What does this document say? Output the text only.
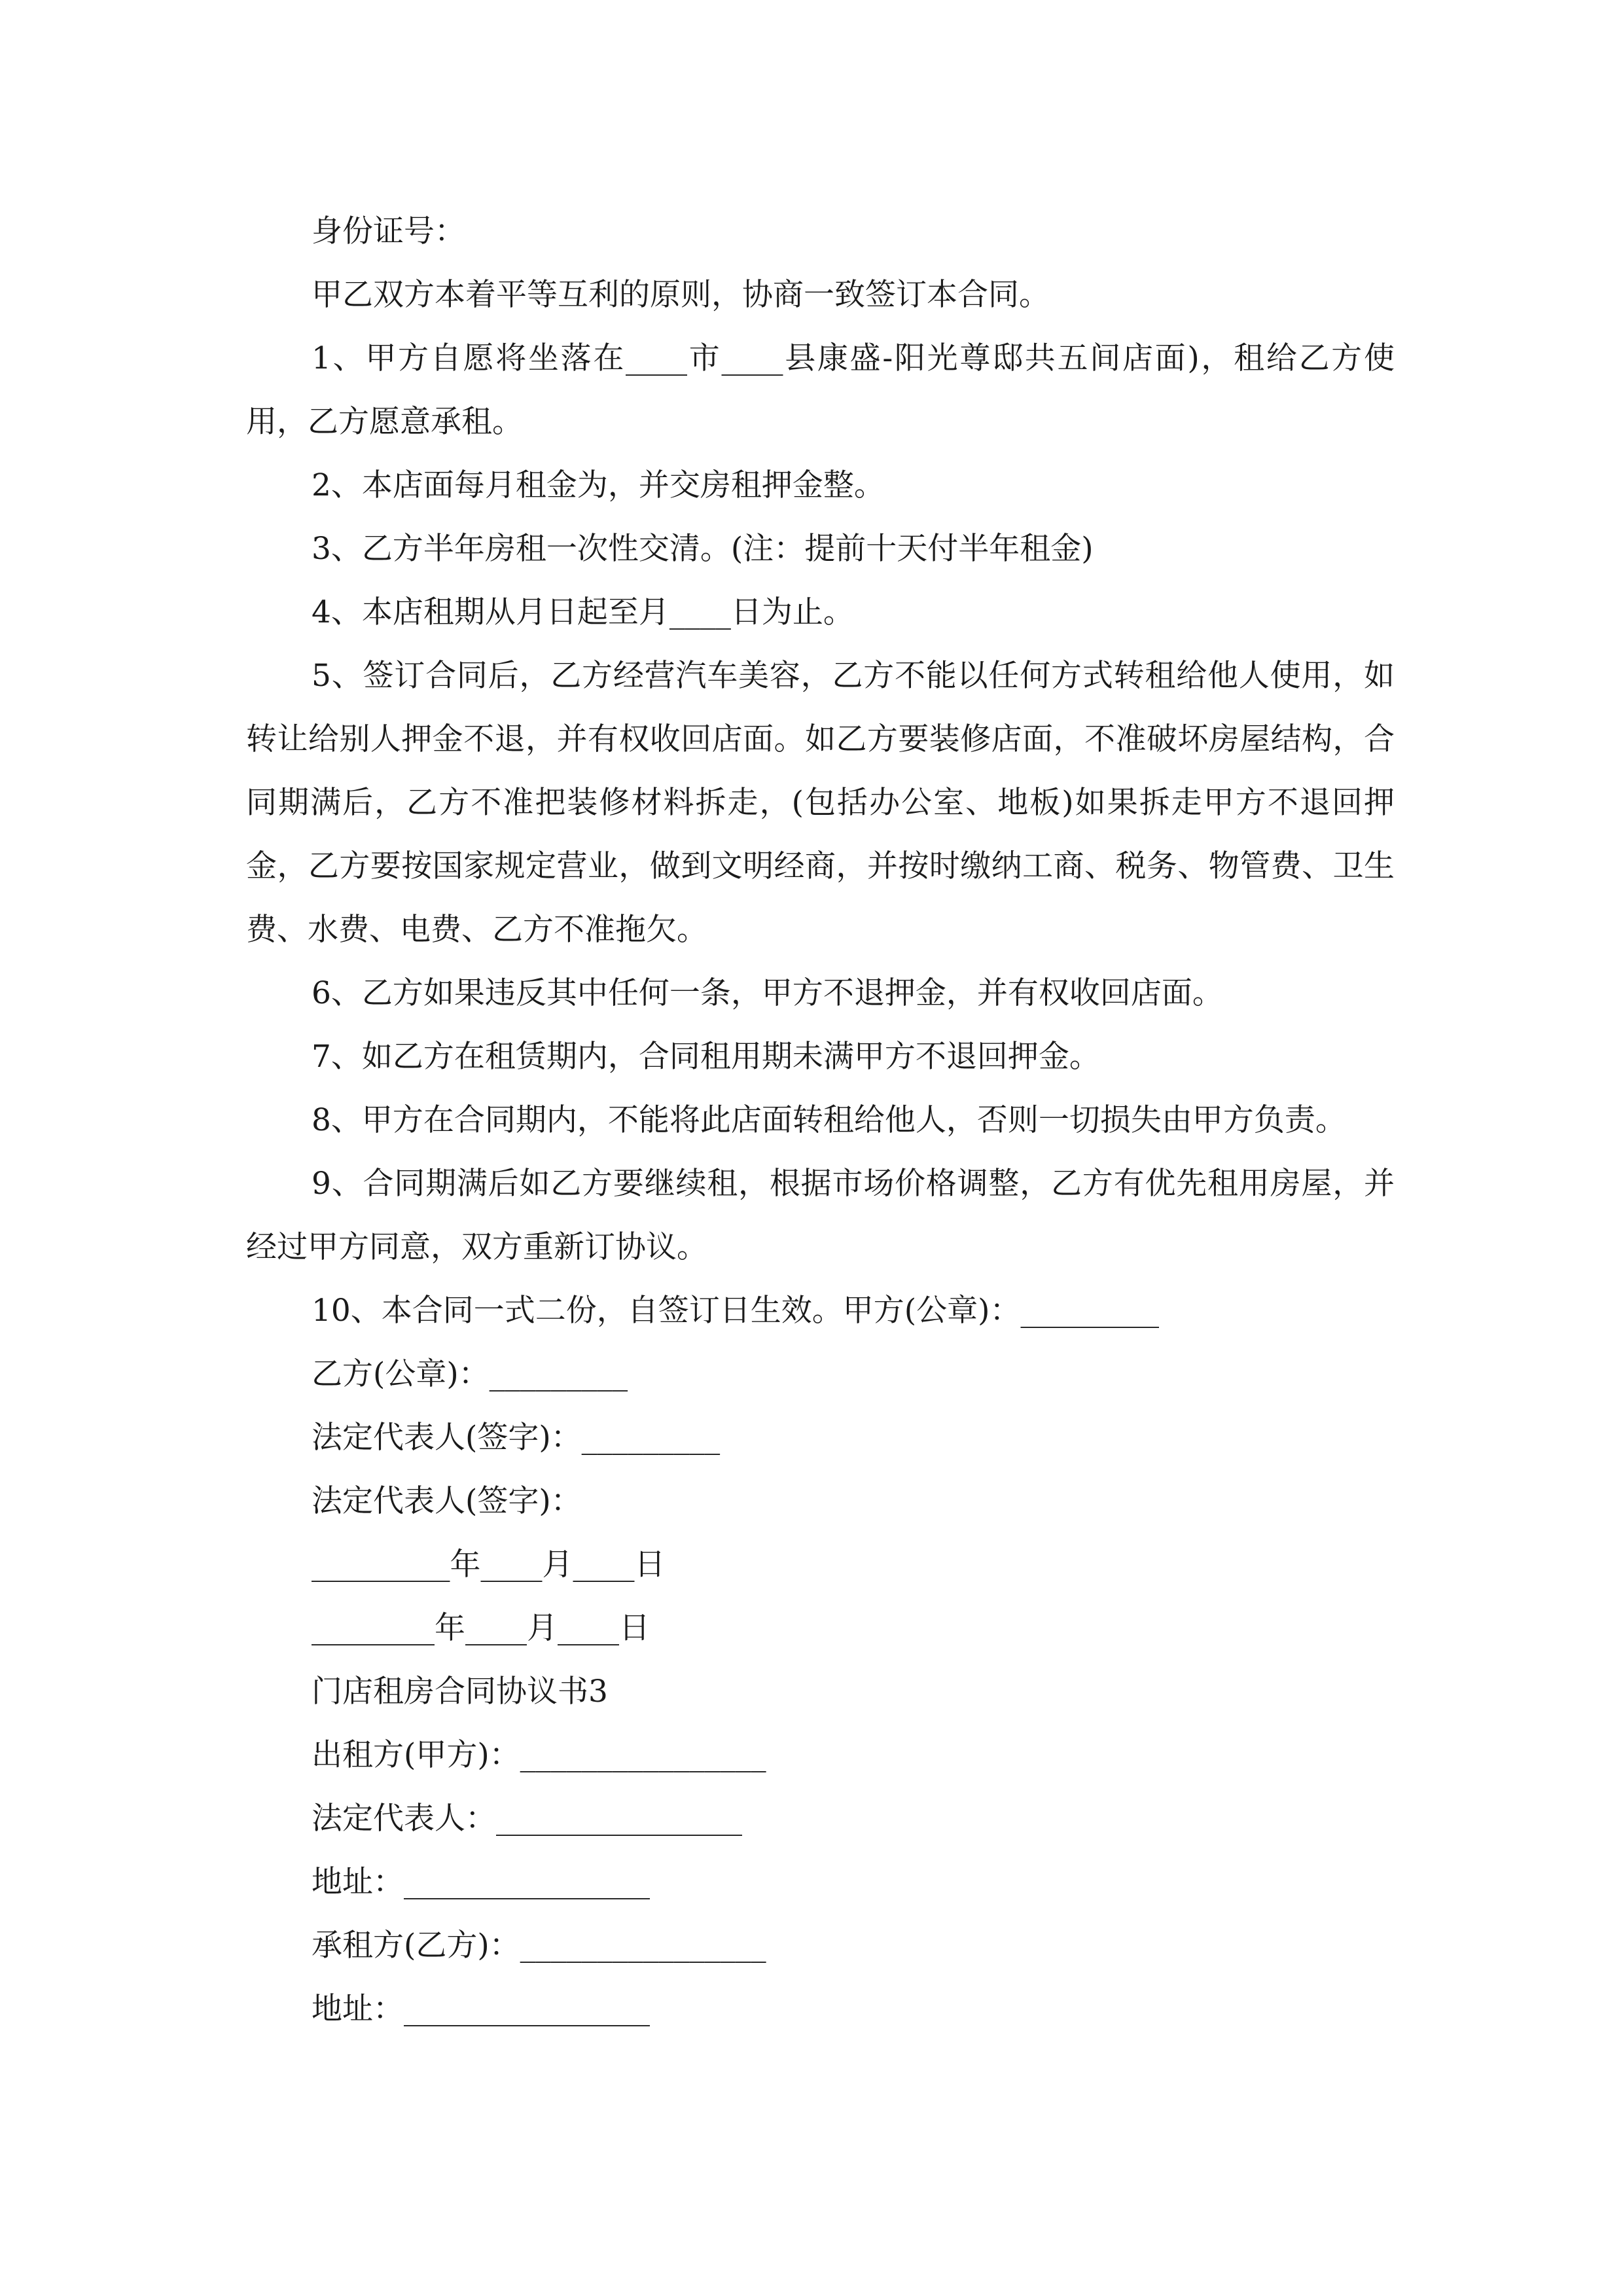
身份证号：

甲乙双方本着平等互利的原则，协商一致签订本合同。

1、甲方自愿将坐落在____市____县康盛-阳光尊邸共五间店面)，租给乙方使用，乙方愿意承租。

2、本店面每月租金为，并交房租押金整。

3、乙方半年房租一次性交清。(注：提前十天付半年租金)

4、本店租期从月日起至月____日为止。

5、签订合同后，乙方经营汽车美容，乙方不能以任何方式转租给他人使用，如转让给别人押金不退，并有权收回店面。如乙方要装修店面，不准破坏房屋结构，合同期满后，乙方不准把装修材料拆走，(包括办公室、地板)如果拆走甲方不退回押金，乙方要按国家规定营业，做到文明经商，并按时缴纳工商、税务、物管费、卫生费、水费、电费、乙方不准拖欠。

6、乙方如果违反其中任何一条，甲方不退押金，并有权收回店面。

7、如乙方在租赁期内，合同租用期未满甲方不退回押金。

8、甲方在合同期内，不能将此店面转租给他人，否则一切损失由甲方负责。

9、合同期满后如乙方要继续租，根据市场价格调整，乙方有优先租用房屋，并经过甲方同意，双方重新订协议。

10、本合同一式二份，自签订日生效。甲方(公章)：_________

乙方(公章)：_________

法定代表人(签字)：_________

法定代表人(签字)：

_________年____月____日

________年____月____日

门店租房合同协议书3

出租方(甲方)：________________

法定代表人：________________

地址：________________

承租方(乙方)：________________

地址：________________
